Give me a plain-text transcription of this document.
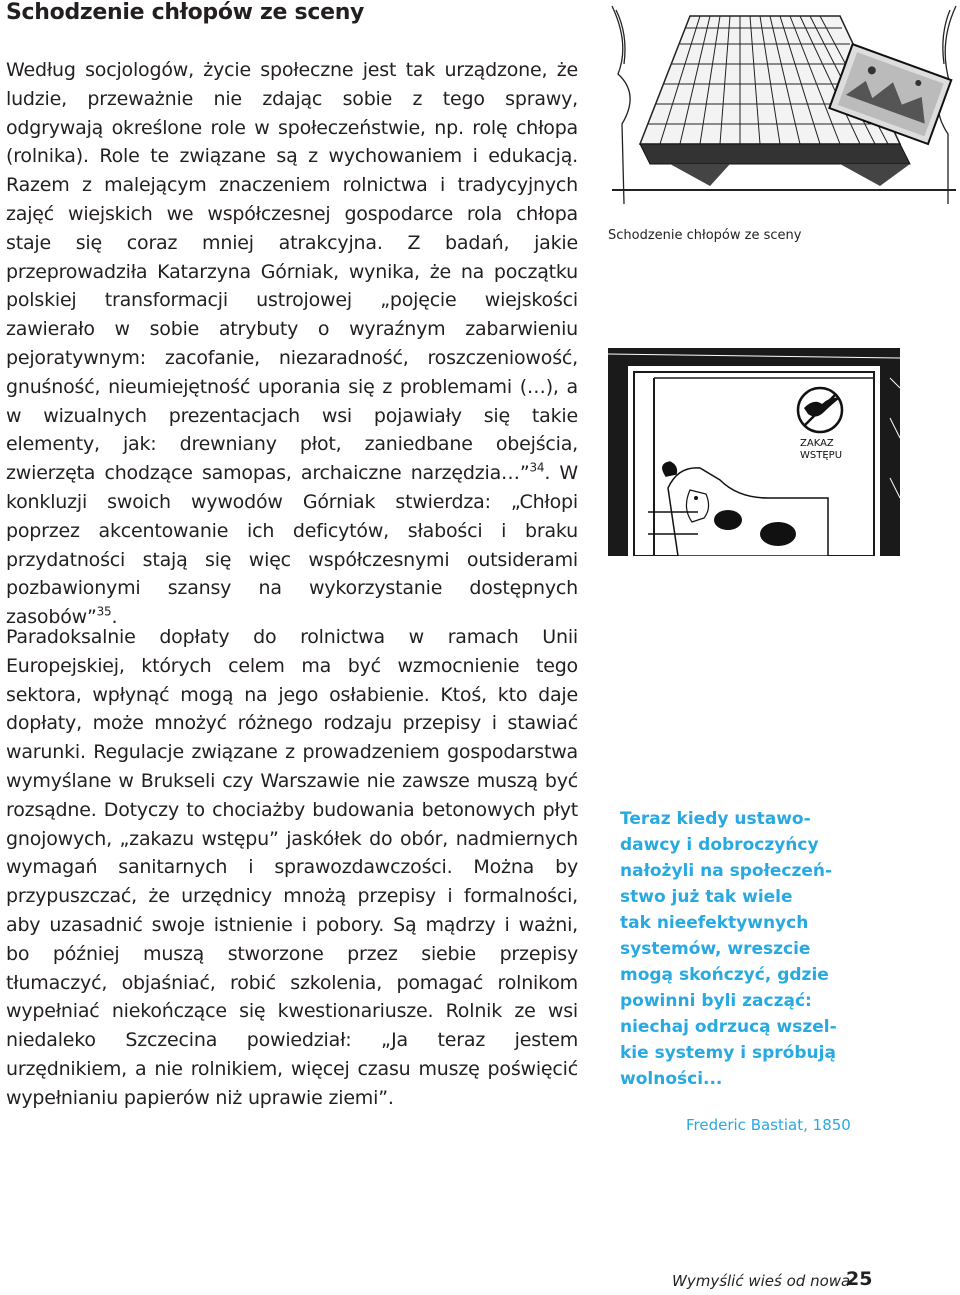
Schodzenie chłopów ze sceny

Według socjologów, życie społeczne jest tak urządzone, że ludzie, przeważnie nie zdając sobie z tego sprawy, odgrywają określone role w społeczeństwie, np. rolę chłopa (rolnika). Role te związane są z wychowaniem i edukacją. Razem z malejącym znaczeniem rolnictwa i tradycyjnych zajęć wiejskich we współczesnej gospodarce rola chłopa staje się coraz mniej atrakcyjna. Z badań, jakie przeprowadziła Katarzyna Górniak, wynika, że na początku polskiej transformacji ustrojowej „pojęcie wiejskości zawierało w sobie atrybuty o wyraźnym zabarwieniu pejoratywnym: zacofanie, niezaradność, roszczeniowość, gnuśność, nieumiejętność uporania się z problemami (…), a w wizualnych prezentacjach wsi pojawiały się takie elementy, jak: drewniany płot, zaniedbane obejścia, zwierzęta chodzące samopas, archaiczne narzędzia…”$^{34}$. W konkluzji swoich wywodów Górniak stwierdza: „Chłopi poprzez akcentowanie ich deficytów, słabości i braku przydatności stają się więc współczesnymi outsiderami pozbawionymi szansy na wykorzystanie dostępnych zasobów”$^{35}$.

Paradoksalnie dopłaty do rolnictwa w ramach Unii Europejskiej, których celem ma być wzmocnienie tego sektora, wpłynąć mogą na jego osłabienie. Ktoś, kto daje dopłaty, może mnożyć różnego rodzaju przepisy i stawiać warunki. Regulacje związane z prowadzeniem gospodarstwa wymyślane w Brukseli czy Warszawie nie zawsze muszą być rozsądne. Dotyczy to chociażby budowania betonowych płyt gnojowych, „zakazu wstępu” jaskółek do obór, nadmiernych wymagań sanitarnych i sprawozdawczości. Można by przypuszczać, że urzędnicy mnożą przepisy i formalności, aby uzasadnić swoje istnienie i pobory. Są mądrzy i ważni, bo później muszą stworzone przez siebie przepisy tłumaczyć, objaśniać, robić szkolenia, pomagać rolnikom wypełniać niekończące się kwestionariusze. Rolnik ze wsi niedaleko Szczecina powiedział: „Ja teraz jestem urzędnikiem, a nie rolnikiem, więcej czasu muszę poświęcić wypełnianiu papierów niż uprawie ziemi”.

Schodzenie chłopów ze sceny
ZAKAZ
WSTĘPU
Teraz kiedy ustawo-
dawcy i dobroczyńcy
nałożyli na społeczeń-
stwo już tak wiele
tak nieefektywnych
systemów, wreszcie
mogą skończyć, gdzie
powinni byli zacząć:
niechaj odrzucą wszel-
kie systemy i spróbują
wolności...
Frederic Bastiat, 1850
Wymyślić wieś od nowa
25
